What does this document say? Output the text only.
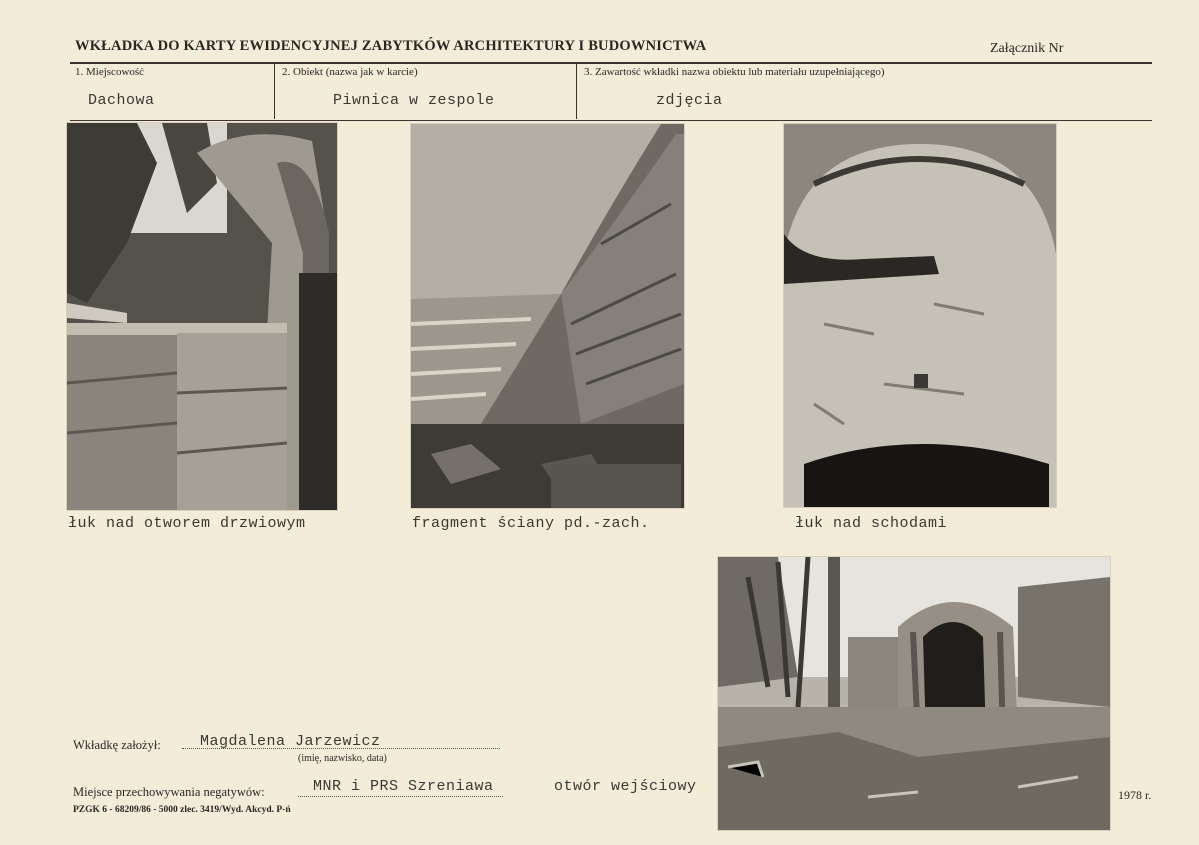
WKŁADKA DO KARTY EWIDENCYJNEJ ZABYTKÓW ARCHITEKTURY I BUDOWNICTWA	Załącznik Nr
1. Miejscowość
Dachowa
2. Obiekt (nazwa jak w karcie)
Piwnica w zespole
3. Zawartość wkładki nazwa obiektu lub materiału uzupełniającego)
zdjęcia
łuk nad otworem drzwiowym	fragment ściany pd.-zach.	łuk nad schodami
otwór wejściowy
Wkładkę założył:	Magdalena Jarzewicz
(imię, nazwisko, data)
Miejsce przechowywania negatywów:	MNR i PRS Szreniawa	1978 r.
PZGK 6 - 68209/86 - 5000 zlec. 3419/Wyd. Akcyd. P-ń
